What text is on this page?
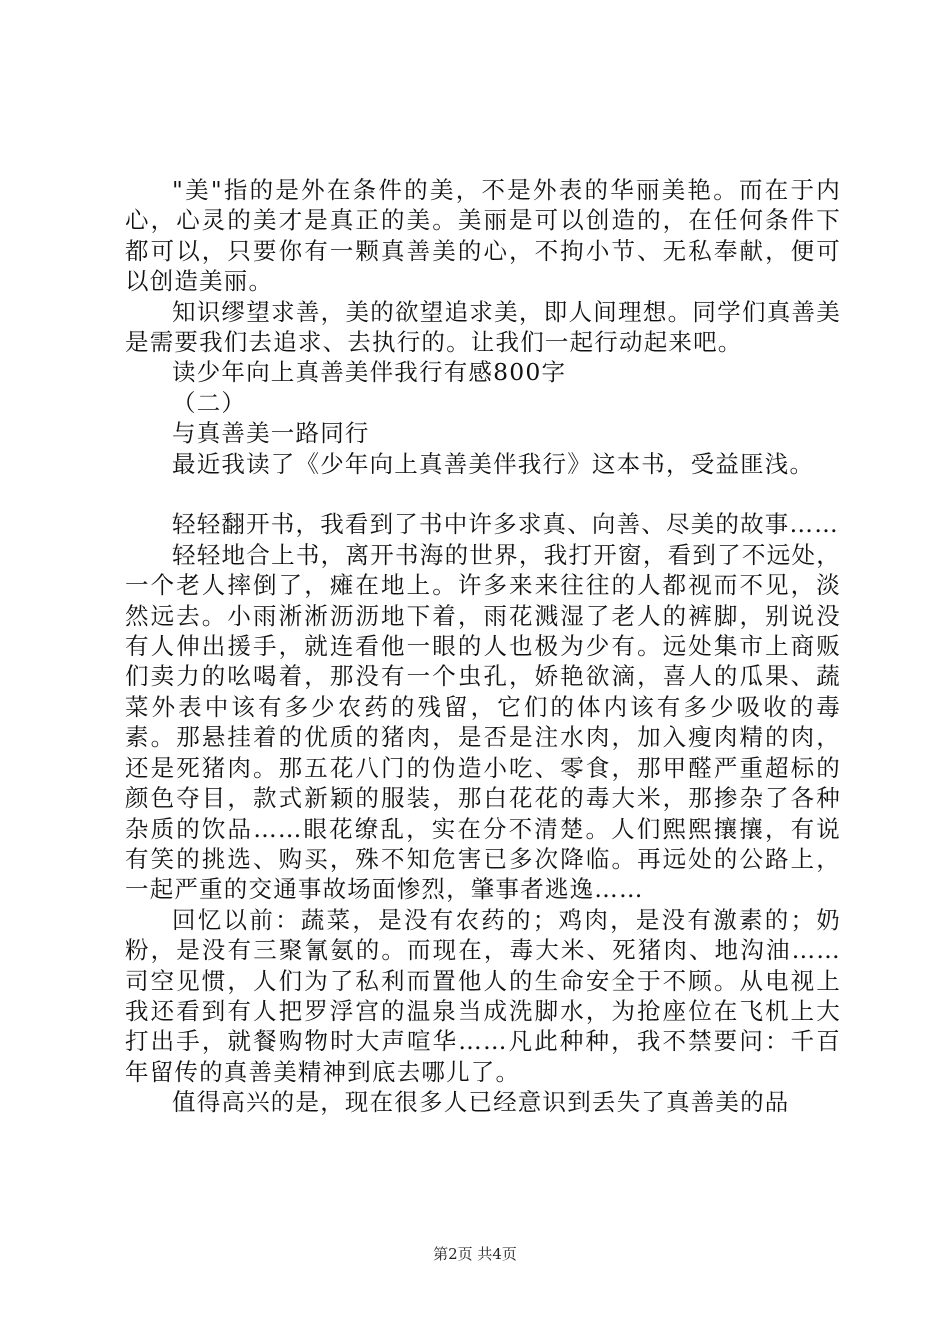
"美"指的是外在条件的美，不是外表的华丽美艳。而在于内心，心灵的美才是真正的美。美丽是可以创造的，在任何条件下都可以，只要你有一颗真善美的心，不拘小节、无私奉献，便可以创造美丽。

知识缪望求善，美的欲望追求美，即人间理想。同学们真善美是需要我们去追求、去执行的。让我们一起行动起来吧。

读少年向上真善美伴我行有感800字

（二）

与真善美一路同行

最近我读了《少年向上真善美伴我行》这本书，受益匪浅。

轻轻翻开书，我看到了书中许多求真、向善、尽美的故事……

轻轻地合上书，离开书海的世界，我打开窗，看到了不远处，一个老人摔倒了，瘫在地上。许多来来往往的人都视而不见，淡然远去。小雨淅淅沥沥地下着，雨花溅湿了老人的裤脚，别说没有人伸出援手，就连看他一眼的人也极为少有。远处集市上商贩们卖力的吆喝着，那没有一个虫孔，娇艳欲滴，喜人的瓜果、蔬菜外表中该有多少农药的残留，它们的体内该有多少吸收的毒素。那悬挂着的优质的猪肉，是否是注水肉，加入瘦肉精的肉，还是死猪肉。那五花八门的伪造小吃、零食，那甲醛严重超标的颜色夺目，款式新颖的服装，那白花花的毒大米，那掺杂了各种杂质的饮品……眼花缭乱，实在分不清楚。人们熙熙攘攘，有说有笑的挑选、购买，殊不知危害已多次降临。再远处的公路上，一起严重的交通事故场面惨烈，肇事者逃逸……

回忆以前：蔬菜，是没有农药的；鸡肉，是没有激素的；奶粉，是没有三聚氰氨的。而现在，毒大米、死猪肉、地沟油……司空见惯，人们为了私利而置他人的生命安全于不顾。从电视上我还看到有人把罗浮宫的温泉当成洗脚水，为抢座位在飞机上大打出手，就餐购物时大声喧华……凡此种种，我不禁要问：千百年留传的真善美精神到底去哪儿了。

值得高兴的是，现在很多人已经意识到丢失了真善美的品

第2页 共4页
